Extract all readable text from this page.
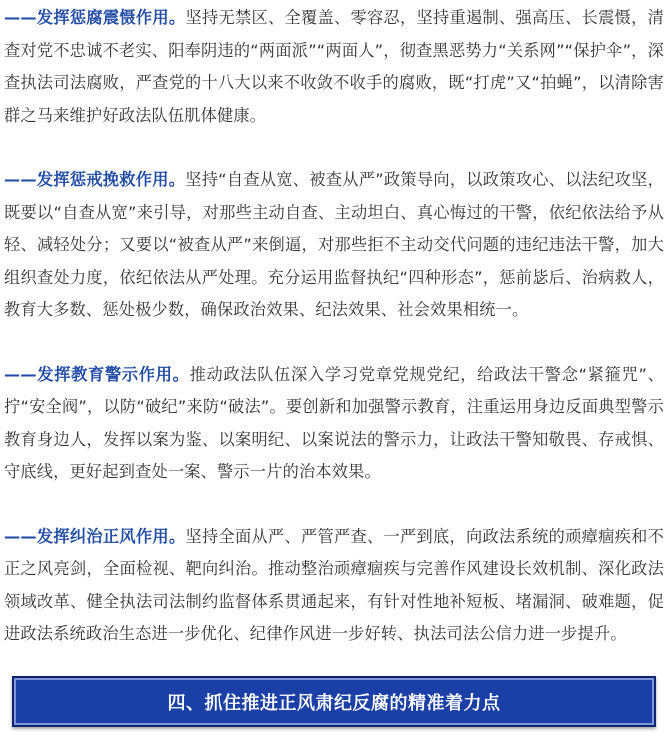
——发挥惩腐震慑作用。坚持无禁区、全覆盖、零容忍，坚持重遏制、强高压、长震慑，清查对党不忠诚不老实、阳奉阴违的“两面派”“两面人”，彻查黑恶势力“关系网”“保护伞”，深查执法司法腐败，严查党的十八大以来不收敛不收手的腐败，既“打虎”又“拍蝇”，以清除害群之马来维护好政法队伍肌体健康。

——发挥惩戒挽救作用。坚持“自查从宽、被查从严”政策导向，以政策攻心、以法纪攻坚，既要以“自查从宽”来引导，对那些主动自查、主动坦白、真心悔过的干警，依纪依法给予从轻、减轻处分；又要以“被查从严”来倒逼，对那些拒不主动交代问题的违纪违法干警，加大组织查处力度，依纪依法从严处理。充分运用监督执纪“四种形态”，惩前毖后、治病救人，教育大多数、惩处极少数，确保政治效果、纪法效果、社会效果相统一。

——发挥教育警示作用。推动政法队伍深入学习党章党规党纪，给政法干警念“紧箍咒”、拧“安全阀”，以防“破纪”来防“破法”。要创新和加强警示教育，注重运用身边反面典型警示教育身边人，发挥以案为鉴、以案明纪、以案说法的警示力，让政法干警知敬畏、存戒惧、守底线，更好起到查处一案、警示一片的治本效果。

——发挥纠治正风作用。坚持全面从严、严管严查、一严到底，向政法系统的顽瘴痼疾和不正之风亮剑，全面检视、靶向纠治。推动整治顽瘴痼疾与完善作风建设长效机制、深化政法领域改革、健全执法司法制约监督体系贯通起来，有针对性地补短板、堵漏洞、破难题，促进政法系统政治生态进一步优化、纪律作风进一步好转、执法司法公信力进一步提升。

四、抓住推进正风肃纪反腐的精准着力点
